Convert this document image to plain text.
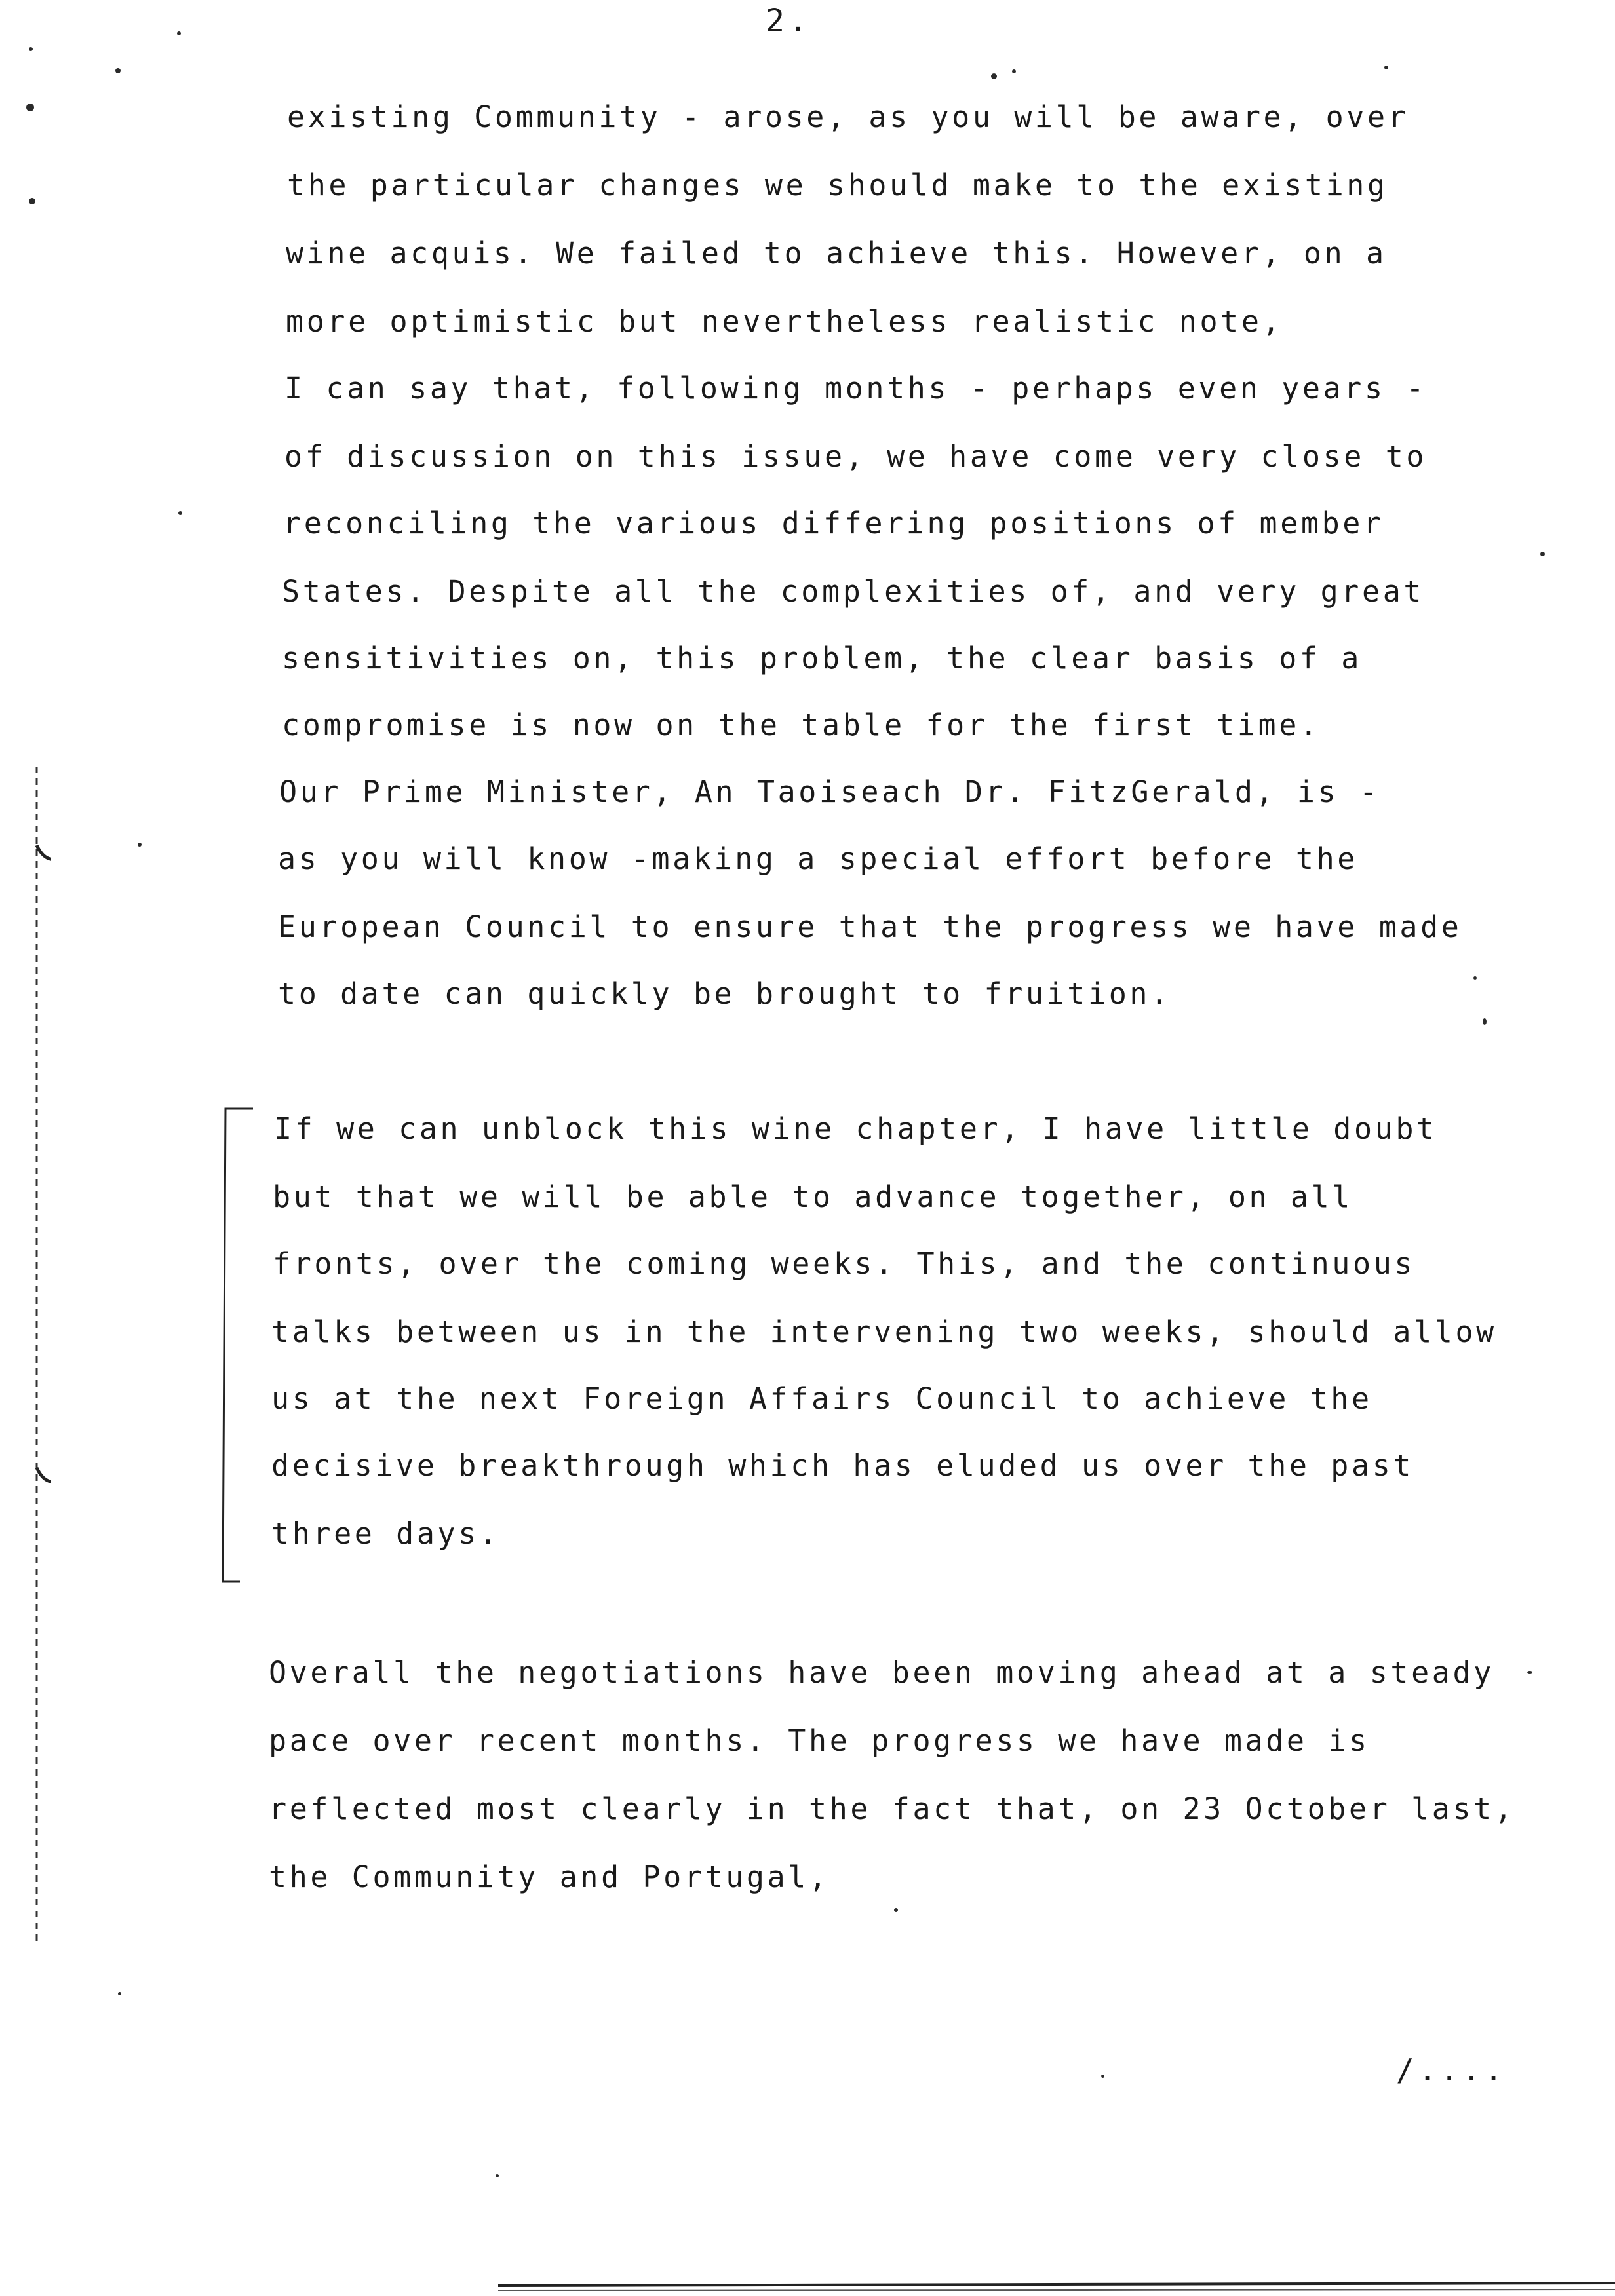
2.
existing Community - arose, as you will be aware, over
the particular changes we should make to the existing
wine acquis. We failed to achieve this. However, on a
more optimistic but nevertheless realistic note,
I can say that, following months - perhaps even years -
of discussion on this issue, we have come very close to
reconciling the various differing positions of member
States. Despite all the complexities of, and very great
sensitivities on, this problem, the clear basis of a
compromise is now on the table for the first time.
Our Prime Minister, An Taoiseach Dr. FitzGerald, is -
as you will know -making a special effort before the
European Council to ensure that the progress we have made
to date can quickly be brought to fruition.
If we can unblock this wine chapter, I have little doubt
but that we will be able to advance together, on all
fronts, over the coming weeks. This, and the continuous
talks between us in the intervening two weeks, should allow
us at the next Foreign Affairs Council to achieve the
decisive breakthrough which has eluded us over the past
three days.
Overall the negotiations have been moving ahead at a steady
pace over recent months. The progress we have made is
reflected most clearly in the fact that, on 23 October last,
the Community and Portugal,
/....
